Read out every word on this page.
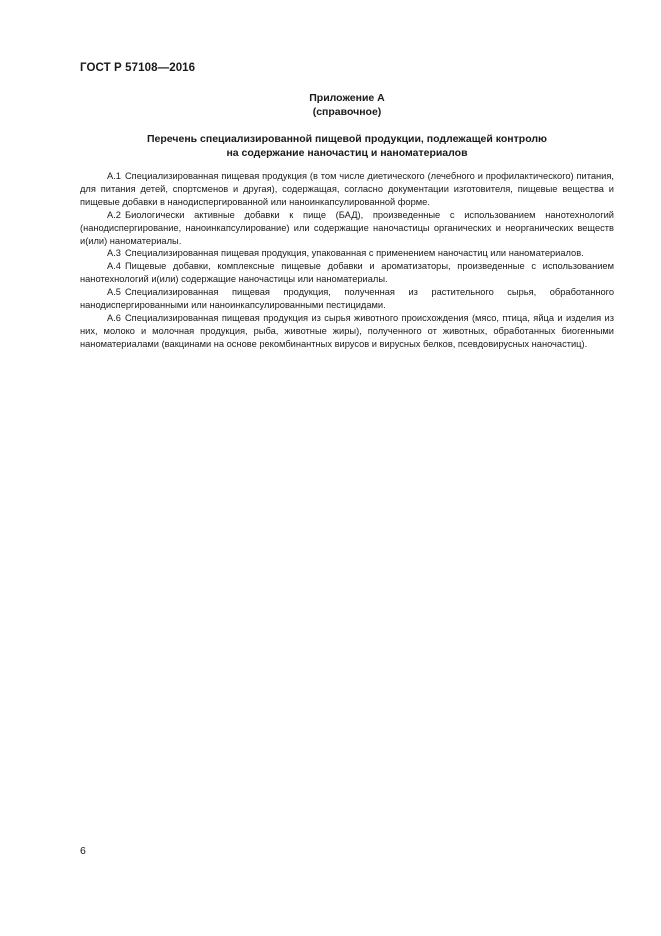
ГОСТ Р 57108—2016
Приложение А
(справочное)
Перечень специализированной пищевой продукции, подлежащей контролю
на содержание наночастиц и наноматериалов

А.1 Специализированная пищевая продукция (в том числе диетического (лечебного и профилактического) питания, для питания детей, спортсменов и другая), содержащая, согласно документации изготовителя, пищевые вещества и пищевые добавки в нанодиспергированной или наноинкапсулированной форме.

А.2 Биологически активные добавки к пище (БАД), произведенные с использованием нанотехнологий (нанодиспергирование, наноинкапсулирование) или содержащие наночастицы органических и неорганических веществ и(или) наноматериалы.

А.3 Специализированная пищевая продукция, упакованная с применением наночастиц или наноматериалов.

А.4 Пищевые добавки, комплексные пищевые добавки и ароматизаторы, произведенные с использованием нанотехнологий и(или) содержащие наночастицы или наноматериалы.

А.5 Специализированная пищевая продукция, полученная из растительного сырья, обработанного нанодиспергированными или наноинкапсулированными пестицидами.

А.6 Специализированная пищевая продукция из сырья животного происхождения (мясо, птица, яйца и изделия из них, молоко и молочная продукция, рыба, животные жиры), полученного от животных, обработанных биогенными наноматериалами (вакцинами на основе рекомбинантных вирусов и вирусных белков, псевдовирусных наночастиц).

6
